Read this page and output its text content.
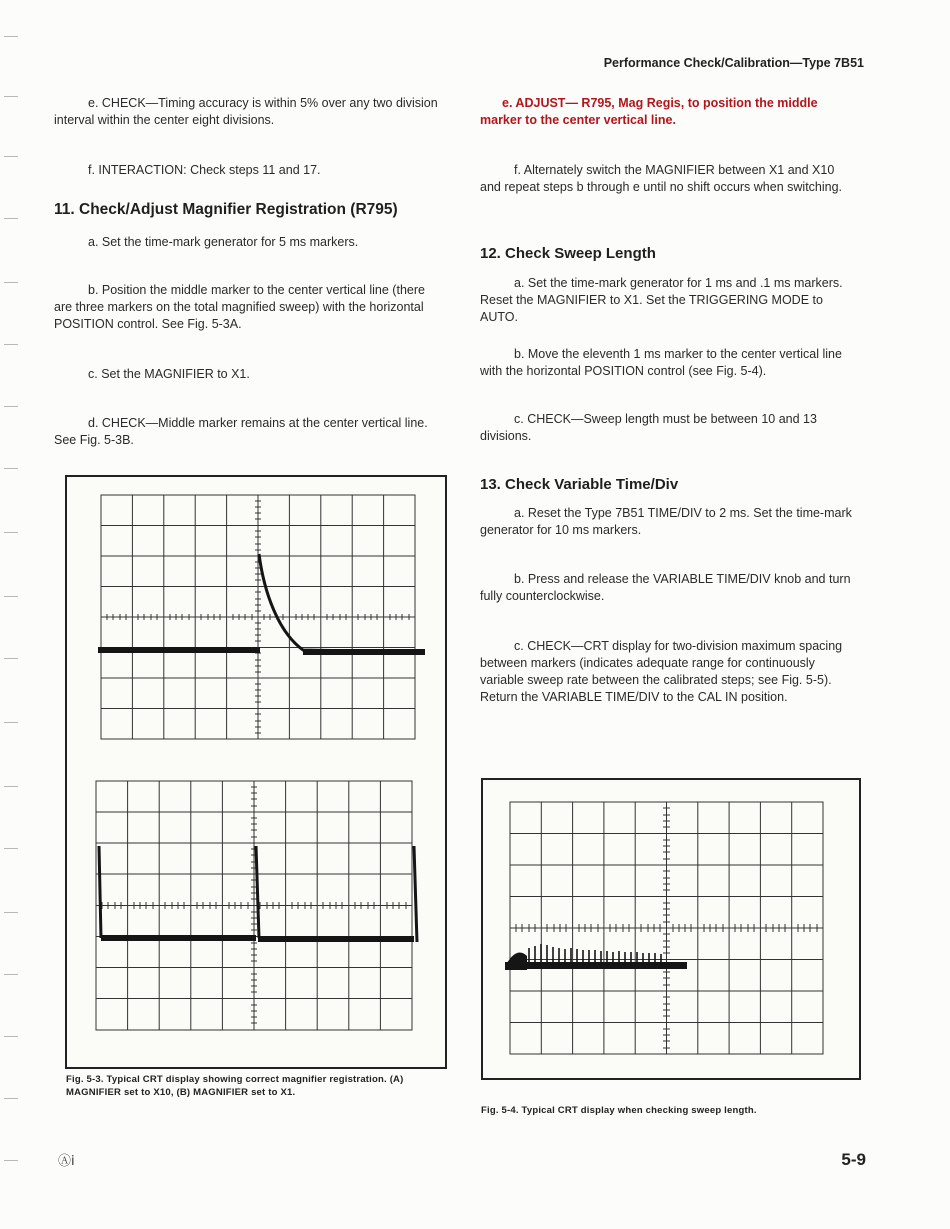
Performance Check/Calibration—Type 7B51

e. CHECK—Timing accuracy is within 5% over any two division interval within the center eight divisions.

f. INTERACTION: Check steps 11 and 17.

11. Check/Adjust Magnifier Registration (R795)

a. Set the time-mark generator for 5 ms markers.

b. Position the middle marker to the center vertical line (there are three markers on the total magnified sweep) with the horizontal POSITION control. See Fig. 5-3A.

c. Set the MAGNIFIER to X1.

d. CHECK—Middle marker remains at the center vertical line. See Fig. 5-3B.

Fig. 5-3. Typical CRT display showing correct magnifier registration. (A) MAGNIFIER set to X10, (B) MAGNIFIER set to X1.

e. ADJUST— R795, Mag Regis, to position the middle marker to the center vertical line.

f. Alternately switch the MAGNIFIER between X1 and X10 and repeat steps b through e until no shift occurs when switching.

12. Check Sweep Length

a. Set the time-mark generator for 1 ms and .1 ms markers. Reset the MAGNIFIER to X1. Set the TRIGGERING MODE to AUTO.

b. Move the eleventh 1 ms marker to the center vertical line with the horizontal POSITION control (see Fig. 5-4).

c. CHECK—Sweep length must be between 10 and 13 divisions.

13. Check Variable Time/Div

a. Reset the Type 7B51 TIME/DIV to 2 ms. Set the time-mark generator for 10 ms markers.

b. Press and release the VARIABLE TIME/DIV knob and turn fully counterclockwise.

c. CHECK—CRT display for two-division maximum spacing between markers (indicates adequate range for continuously variable sweep rate between the calibrated steps; see Fig. 5-5). Return the VARIABLE TIME/DIV to the CAL IN position.

Fig. 5-4. Typical CRT display when checking sweep length.
Ⓐi	5-9
